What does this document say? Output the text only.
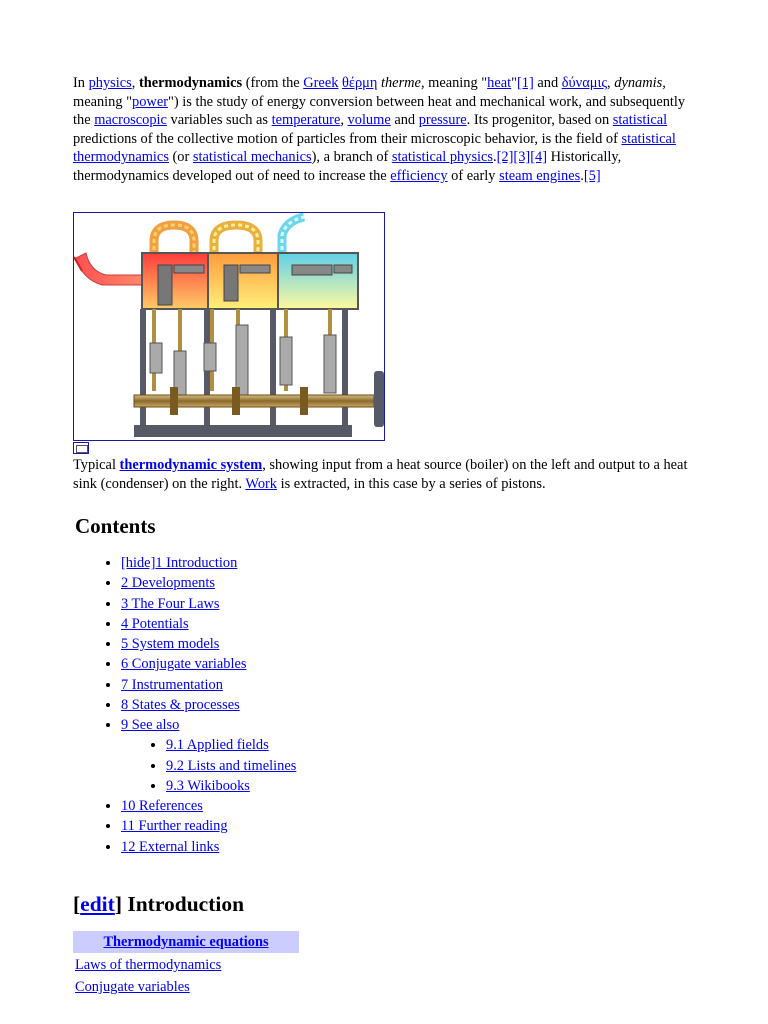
In physics, thermodynamics (from the Greek θέρμη therme, meaning "heat"[1] and δύναμις, dynamis, meaning "power") is the study of energy conversion between heat and mechanical work, and subsequently the macroscopic variables such as temperature, volume and pressure. Its progenitor, based on statistical predictions of the collective motion of particles from their microscopic behavior, is the field of statistical thermodynamics (or statistical mechanics), a branch of statistical physics.[2][3][4] Historically, thermodynamics developed out of need to increase the efficiency of early steam engines.[5]

Typical thermodynamic system, showing input from a heat source (boiler) on the left and output to a heat sink (condenser) on the right. Work is extracted, in this case by a series of pistons.

Contents
• [hide]1 Introduction
• 2 Developments
• 3 The Four Laws
• 4 Potentials
• 5 System models
• 6 Conjugate variables
• 7 Instrumentation
• 8 States & processes
• 9 See also
• 9.1 Applied fields
• 9.2 Lists and timelines
• 9.3 Wikibooks
• 10 References
• 11 Further reading
• 12 External links
[edit] Introduction
Thermodynamic equations
Laws of thermodynamics
Conjugate variables
